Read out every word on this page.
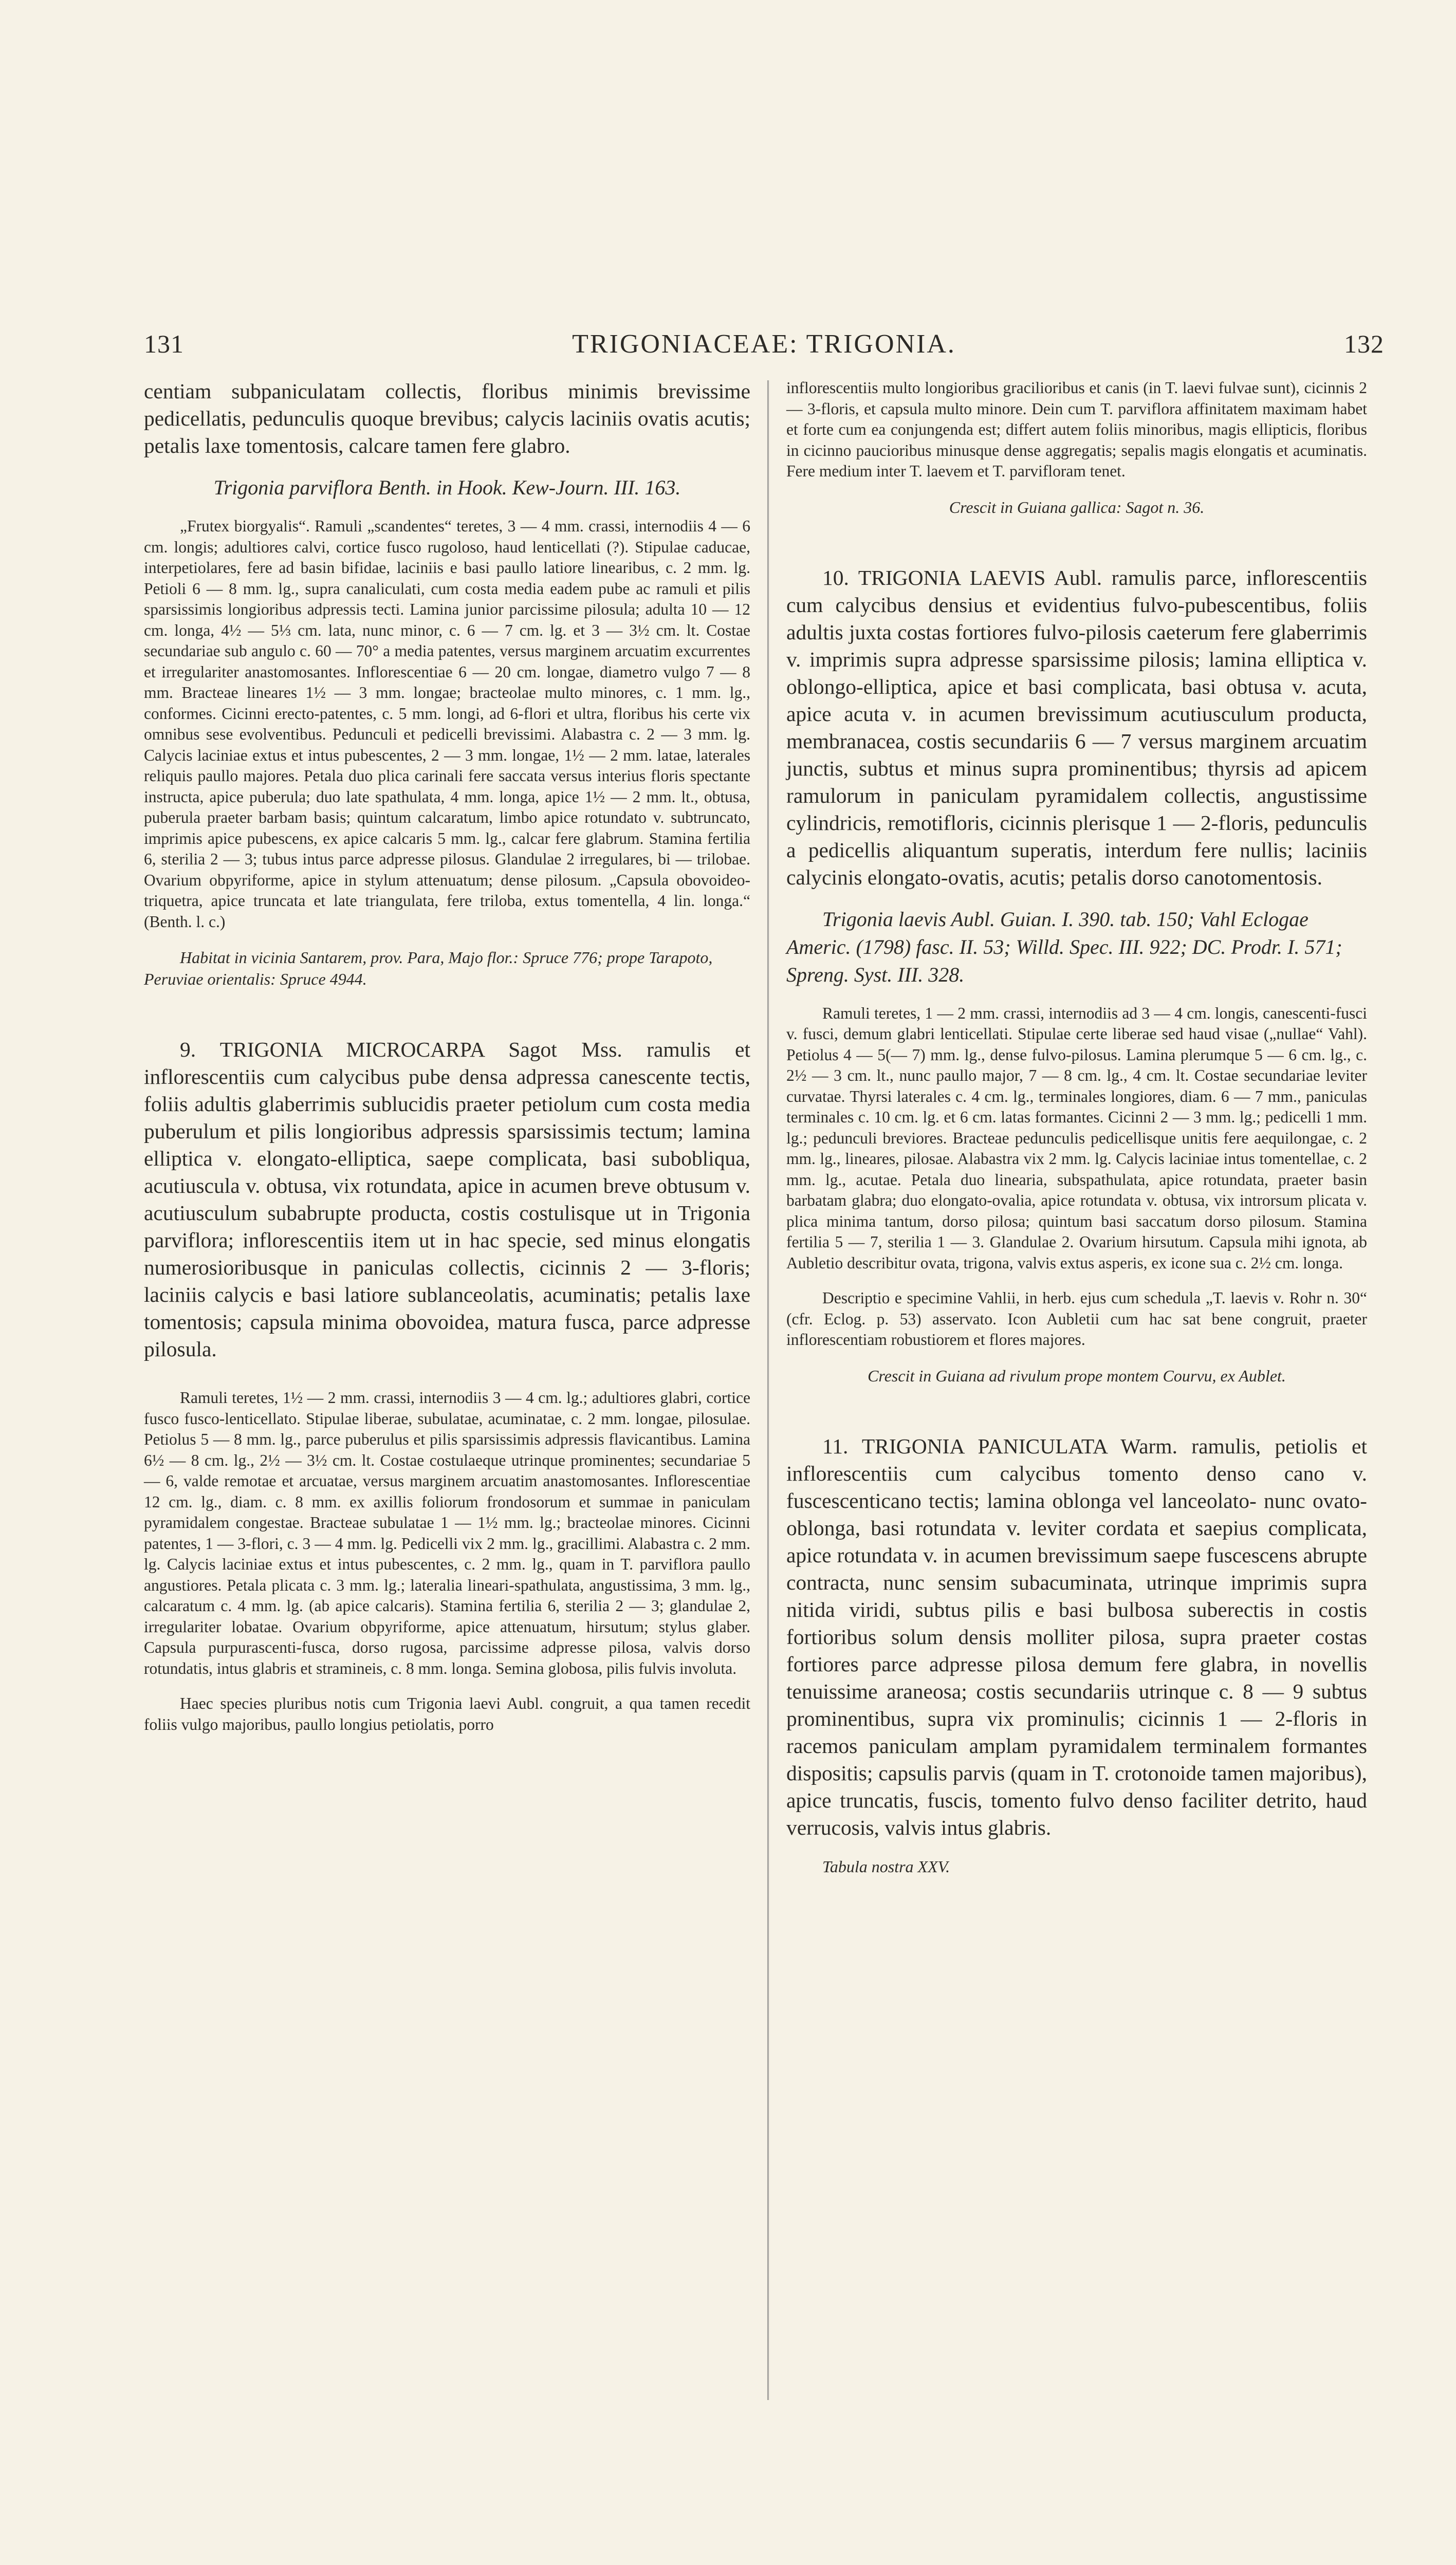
131	TRIGONIACEAE: TRIGONIA.	132

centiam subpaniculatam collectis, floribus minimis brevissime pedicellatis, pedunculis quoque brevibus; calycis laciniis ovatis acutis; petalis laxe tomentosis, calcare tamen fere glabro.

Trigonia parviflora Benth. in Hook. Kew-Journ. III. 163.

„Frutex biorgyalis“. Ramuli „scandentes“ teretes, 3 — 4 mm. crassi, internodiis 4 — 6 cm. longis; adultiores calvi, cortice fusco rugoloso, haud lenticellati (?). Stipulae caducae, interpetiolares, fere ad basin bifidae, laciniis e basi paullo latiore linearibus, c. 2 mm. lg. Petioli 6 — 8 mm. lg., supra canaliculati, cum costa media eadem pube ac ramuli et pilis sparsissimis longioribus adpressis tecti. Lamina junior parcissime pilosula; adulta 10 — 12 cm. longa, 4½ — 5⅓ cm. lata, nunc minor, c. 6 — 7 cm. lg. et 3 — 3½ cm. lt. Costae secundariae sub angulo c. 60 — 70° a media patentes, versus marginem arcuatim excurrentes et irregulariter anastomosantes. Inflorescentiae 6 — 20 cm. longae, diametro vulgo 7 — 8 mm. Bracteae lineares 1½ — 3 mm. longae; bracteolae multo minores, c. 1 mm. lg., conformes. Cicinni erecto-patentes, c. 5 mm. longi, ad 6-flori et ultra, floribus his certe vix omnibus sese evolventibus. Pedunculi et pedicelli brevissimi. Alabastra c. 2 — 3 mm. lg. Calycis laciniae extus et intus pubescentes, 2 — 3 mm. longae, 1½ — 2 mm. latae, laterales reliquis paullo majores. Petala duo plica carinali fere saccata versus interius floris spectante instructa, apice puberula; duo late spathulata, 4 mm. longa, apice 1½ — 2 mm. lt., obtusa, puberula praeter barbam basis; quintum calcaratum, limbo apice rotundato v. subtruncato, imprimis apice pubescens, ex apice calcaris 5 mm. lg., calcar fere glabrum. Stamina fertilia 6, sterilia 2 — 3; tubus intus parce adpresse pilosus. Glandulae 2 irregulares, bi — trilobae. Ovarium obpyriforme, apice in stylum attenuatum; dense pilosum. „Capsula obovoideo-triquetra, apice truncata et late triangulata, fere triloba, extus tomentella, 4 lin. longa.“ (Benth. l. c.)

Habitat in vicinia Santarem, prov. Para, Majo flor.: Spruce 776; prope Tarapoto, Peruviae orientalis: Spruce 4944.

9. TRIGONIA MICROCARPA Sagot Mss. ramulis et inflorescentiis cum calycibus pube densa adpressa canescente tectis, foliis adultis glaberrimis sublucidis praeter petiolum cum costa media puberulum et pilis longioribus adpressis sparsissimis tectum; lamina elliptica v. elongato-elliptica, saepe complicata, basi subobliqua, acutiuscula v. obtusa, vix rotundata, apice in acumen breve obtusum v. acutiusculum subabrupte producta, costis costulisque ut in Trigonia parviflora; inflorescentiis item ut in hac specie, sed minus elongatis numerosioribusque in paniculas collectis, cicinnis 2 — 3-floris; laciniis calycis e basi latiore sublanceolatis, acuminatis; petalis laxe tomentosis; capsula minima obovoidea, matura fusca, parce adpresse pilosula.

Ramuli teretes, 1½ — 2 mm. crassi, internodiis 3 — 4 cm. lg.; adultiores glabri, cortice fusco fusco-lenticellato. Stipulae liberae, subulatae, acuminatae, c. 2 mm. longae, pilosulae. Petiolus 5 — 8 mm. lg., parce puberulus et pilis sparsissimis adpressis flavicantibus. Lamina 6½ — 8 cm. lg., 2½ — 3½ cm. lt. Costae costulaeque utrinque prominentes; secundariae 5 — 6, valde remotae et arcuatae, versus marginem arcuatim anastomosantes. Inflorescentiae 12 cm. lg., diam. c. 8 mm. ex axillis foliorum frondosorum et summae in paniculam pyramidalem congestae. Bracteae subulatae 1 — 1½ mm. lg.; bracteolae minores. Cicinni patentes, 1 — 3-flori, c. 3 — 4 mm. lg. Pedicelli vix 2 mm. lg., gracillimi. Alabastra c. 2 mm. lg. Calycis laciniae extus et intus pubescentes, c. 2 mm. lg., quam in T. parviflora paullo angustiores. Petala plicata c. 3 mm. lg.; lateralia lineari-spathulata, angustissima, 3 mm. lg., calcaratum c. 4 mm. lg. (ab apice calcaris). Stamina fertilia 6, sterilia 2 — 3; glandulae 2, irregulariter lobatae. Ovarium obpyriforme, apice attenuatum, hirsutum; stylus glaber. Capsula purpurascenti-fusca, dorso rugosa, parcissime adpresse pilosa, valvis dorso rotundatis, intus glabris et stramineis, c. 8 mm. longa. Semina globosa, pilis fulvis involuta.

Haec species pluribus notis cum Trigonia laevi Aubl. congruit, a qua tamen recedit foliis vulgo majoribus, paullo longius petiolatis, porro

inflorescentiis multo longioribus gracilioribus et canis (in T. laevi fulvae sunt), cicinnis 2 — 3-floris, et capsula multo minore. Dein cum T. parviflora affinitatem maximam habet et forte cum ea conjungenda est; differt autem foliis minoribus, magis ellipticis, floribus in cicinno paucioribus minusque dense aggregatis; sepalis magis elongatis et acuminatis. Fere medium inter T. laevem et T. parvifloram tenet.

Crescit in Guiana gallica: Sagot n. 36.

10. TRIGONIA LAEVIS Aubl. ramulis parce, inflorescentiis cum calycibus densius et evidentius fulvo-pubescentibus, foliis adultis juxta costas fortiores fulvo-pilosis caeterum fere glaberrimis v. imprimis supra adpresse sparsissime pilosis; lamina elliptica v. oblongo-elliptica, apice et basi complicata, basi obtusa v. acuta, apice acuta v. in acumen brevissimum acutiusculum producta, membranacea, costis secundariis 6 — 7 versus marginem arcuatim junctis, subtus et minus supra prominentibus; thyrsis ad apicem ramulorum in paniculam pyramidalem collectis, angustissime cylindricis, remotifloris, cicinnis plerisque 1 — 2-floris, pedunculis a pedicellis aliquantum superatis, interdum fere nullis; laciniis calycinis elongato-ovatis, acutis; petalis dorso canotomentosis.

Trigonia laevis Aubl. Guian. I. 390. tab. 150; Vahl Eclogae Americ. (1798) fasc. II. 53; Willd. Spec. III. 922; DC. Prodr. I. 571; Spreng. Syst. III. 328.

Ramuli teretes, 1 — 2 mm. crassi, internodiis ad 3 — 4 cm. longis, canescenti-fusci v. fusci, demum glabri lenticellati. Stipulae certe liberae sed haud visae („nullae“ Vahl). Petiolus 4 — 5(— 7) mm. lg., dense fulvo-pilosus. Lamina plerumque 5 — 6 cm. lg., c. 2½ — 3 cm. lt., nunc paullo major, 7 — 8 cm. lg., 4 cm. lt. Costae secundariae leviter curvatae. Thyrsi laterales c. 4 cm. lg., terminales longiores, diam. 6 — 7 mm., paniculas terminales c. 10 cm. lg. et 6 cm. latas formantes. Cicinni 2 — 3 mm. lg.; pedicelli 1 mm. lg.; pedunculi breviores. Bracteae pedunculis pedicellisque unitis fere aequilongae, c. 2 mm. lg., lineares, pilosae. Alabastra vix 2 mm. lg. Calycis laciniae intus tomentellae, c. 2 mm. lg., acutae. Petala duo linearia, subspathulata, apice rotundata, praeter basin barbatam glabra; duo elongato-ovalia, apice rotundata v. obtusa, vix introrsum plicata v. plica minima tantum, dorso pilosa; quintum basi saccatum dorso pilosum. Stamina fertilia 5 — 7, sterilia 1 — 3. Glandulae 2. Ovarium hirsutum. Capsula mihi ignota, ab Aubletio describitur ovata, trigona, valvis extus asperis, ex icone sua c. 2½ cm. longa.

Descriptio e specimine Vahlii, in herb. ejus cum schedula „T. laevis v. Rohr n. 30“ (cfr. Eclog. p. 53) asservato. Icon Aubletii cum hac sat bene congruit, praeter inflorescentiam robustiorem et flores majores.

Crescit in Guiana ad rivulum prope montem Courvu, ex Aublet.

11. TRIGONIA PANICULATA Warm. ramulis, petiolis et inflorescentiis cum calycibus tomento denso cano v. fuscescenticano tectis; lamina oblonga vel lanceolato- nunc ovato-oblonga, basi rotundata v. leviter cordata et saepius complicata, apice rotundata v. in acumen brevissimum saepe fuscescens abrupte contracta, nunc sensim subacuminata, utrinque imprimis supra nitida viridi, subtus pilis e basi bulbosa suberectis in costis fortioribus solum densis molliter pilosa, supra praeter costas fortiores parce adpresse pilosa demum fere glabra, in novellis tenuissime araneosa; costis secundariis utrinque c. 8 — 9 subtus prominentibus, supra vix prominulis; cicinnis 1 — 2-floris in racemos paniculam amplam pyramidalem terminalem formantes dispositis; capsulis parvis (quam in T. crotonoide tamen majoribus), apice truncatis, fuscis, tomento fulvo denso faciliter detrito, haud verrucosis, valvis intus glabris.

Tabula nostra XXV.
